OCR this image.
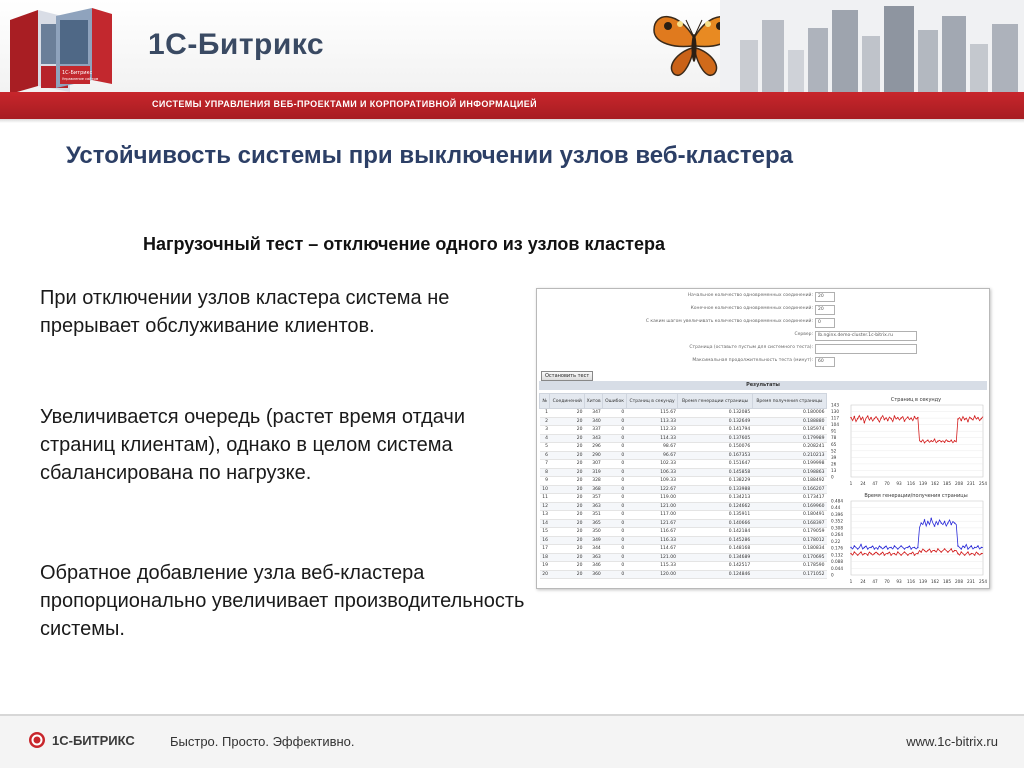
1С-Битрикс
Управление сайтом
1С-Битрикс
СИСТЕМЫ УПРАВЛЕНИЯ ВЕБ-ПРОЕКТАМИ И КОРПОРАТИВНОЙ ИНФОРМАЦИЕЙ
Устойчивость системы при выключении узлов веб-кластера
Нагрузочный тест – отключение одного из узлов кластера

При отключении узлов кластера система не прерывает обслуживание клиентов.

Увеличивается очередь (растет время отдачи страниц клиентам), однако в целом система сбалансирована по нагрузке.

Обратное добавление узла веб-кластера пропорционально увеличивает производительность системы.

Начальное количество одновременных соединений:	20
Конечное количество одновременных соединений:	20
С каким шагом увеличивать количество одновременных соединений:	0
Сервер:	lb.nginx.demo-cluster.1c-bitrix.ru
Страница (оставьте пустым для системного теста):
Максимальная продолжительность теста (минут):	60
Остановить тест
Результаты
№	Соединений	Хитов	Ошибок	Страниц в секунду	Время генерации страницы	Время получения страницы
1	20	347	0	115.67	0.132085	0.180006
2	20	340	0	113.33	0.132649	0.188880
3	20	337	0	112.33	0.141794	0.185974
4	20	343	0	114.33	0.137605	0.179989
5	20	296	0	98.67	0.150076	0.208241
6	20	290	0	96.67	0.167353	0.210213
7	20	307	0	102.33	0.151647	0.199998
8	20	319	0	106.33	0.145858	0.198863
9	20	328	0	109.33	0.138229	0.188492
10	20	368	0	122.67	0.133988	0.166207
11	20	357	0	119.00	0.134213	0.173417
12	20	363	0	121.00	0.124662	0.169960
13	20	351	0	117.00	0.135911	0.180491
14	20	365	0	121.67	0.140666	0.168397
15	20	350	0	116.67	0.142184	0.179059
16	20	349	0	116.33	0.145286	0.178012
17	20	344	0	114.67	0.148168	0.180834
18	20	363	0	121.00	0.134689	0.170695
19	20	346	0	115.33	0.142517	0.178590
20	20	360	0	120.00	0.124846	0.171052
Страниц в секунду
143
130
117
104
91
78
65
52
39
26
13
0
1 24 47 70 93 116 139 162 185 208 231 254
Время генерации/получения страницы
0.484
0.44
0.396
0.352
0.308
0.264
0.22
0.176
0.132
0.088
0.044
0
1 24 47 70 93 116 139 162 185 208 231 254
1С-БИТРИКС	Быстро. Просто. Эффективно.	www.1c-bitrix.ru
